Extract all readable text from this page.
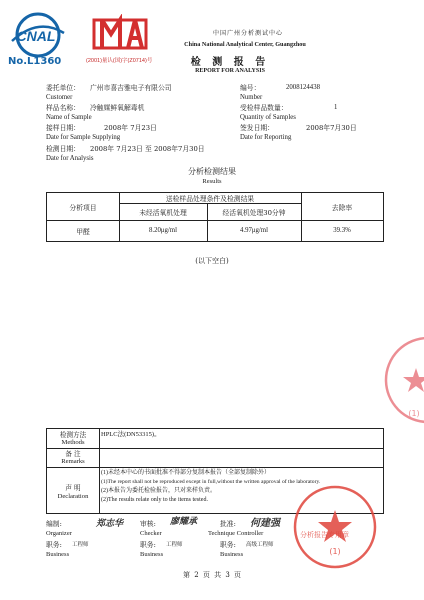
CNAL
No.L1360	(2001)量认(国)字(Z0714)号
中国广州分析测试中心
China National Analytical Center, Guangzhou
检 测 报 告
REPORT FOR ANALYSIS
委托单位： 广州市喜吉雅电子有限公司
Customer
编号：	2008124438
Number
样品名称： 冷触媒鲜氧解毒机
Name of Sample
受检样品数量：	1
Quantity of Samples
接样日期：	2008年 7月23日
Date for Sample Supplying
签发日期：	2008年7月30日
Date for Reporting
检测日期： 2008年 7月23日 至 2008年7月30日
Date for Analysis
分析检测结果
Results
分析项目
送检样品处理条件及检测结果
未经活氧机处理	经活氧机处理30分钟
去除率
甲醛	8.20μg/ml	4.97μg/ml	39.3%
(以下空白)
检测方法
Methods
HPLC法(DN53315)。
备 注
Remarks
声 明
Declaration
(1)未经本中心的书面批准不得部分复制本报告（全部复制除外）
(1)The report shall not be reproduced except in full,without the written approval of the laboratory.
(2)本报告为委托检验报告，只对来样负责。
(2)The results relate only to the items tested.
编制:	郑志华
Organizer
职务: 工程师
Business
审核: 廖耀承
Checker
职务: 工程师
Business
批准: 何建强
Technique Controller
职务: 高级工程师
Business	(1)
分析报告专用章
(1)
第 2 页 共 3 页
